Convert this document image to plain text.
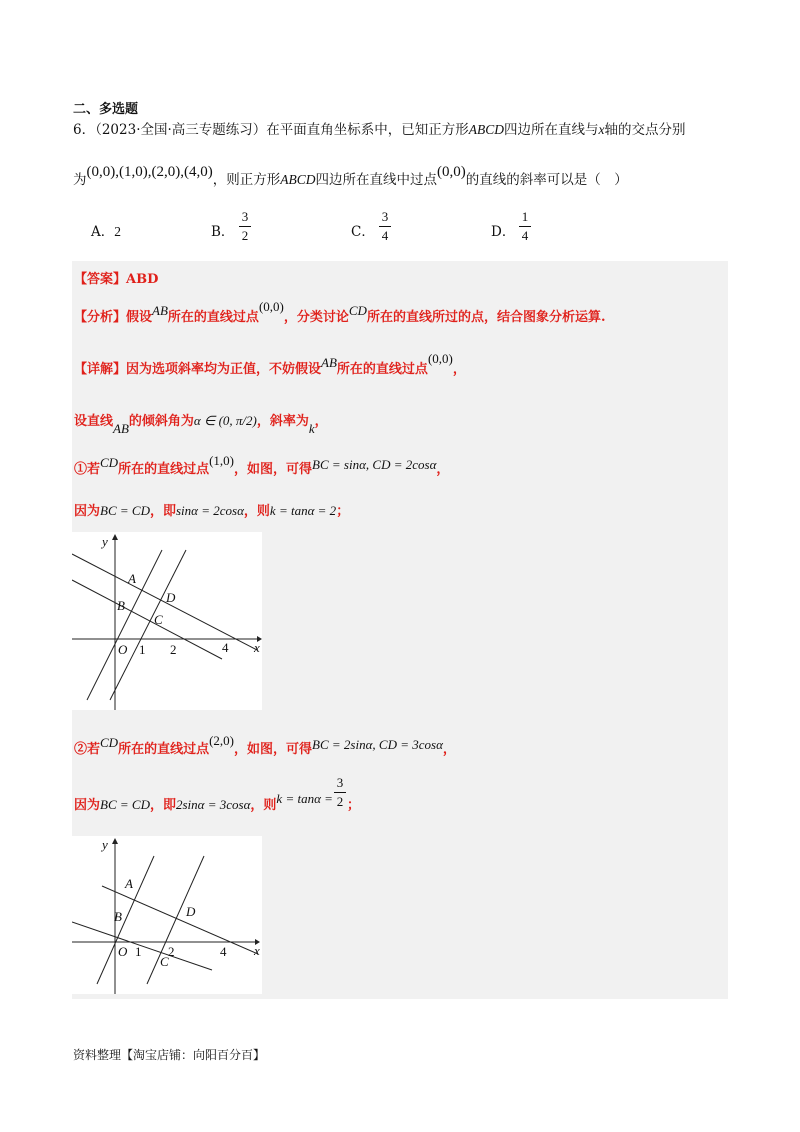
二、多选题
6．（2023·全国·高三专题练习）在平面直角坐标系中，已知正方形ABCD四边所在直线与x轴的交点分别
为(0,0),(1,0),(2,0),(4,0)，则正方形ABCD四边所在直线中过点(0,0)的直线的斜率可以是（　）
A．2	B．
3
2	C．
3
4	D．
1
4
【答案】ABD
【分析】假设AB所在的直线过点(0,0)，分类讨论CD所在的直线所过的点，结合图象分析运算.
【详解】因为选项斜率均为正值，不妨假设AB所在的直线过点(0,0)，
设直线AB的倾斜角为α ∈ (0, π/2)，斜率为k，
①若CD所在的直线过点(1,0)，如图，可得BC = sinα, CD = 2cosα，
因为BC = CD，即sinα = 2cosα，则k = tanα = 2；
y
x
A
B
C
D
O 1 2	4
②若CD所在的直线过点(2,0)，如图，可得BC = 2sinα, CD = 3cosα，
因为BC = CD，即2sinα = 3cosα，则k = tanα =
3
2 ；
y
x
A
B
C
D
O 1 2	4
资料整理【淘宝店铺：向阳百分百】
